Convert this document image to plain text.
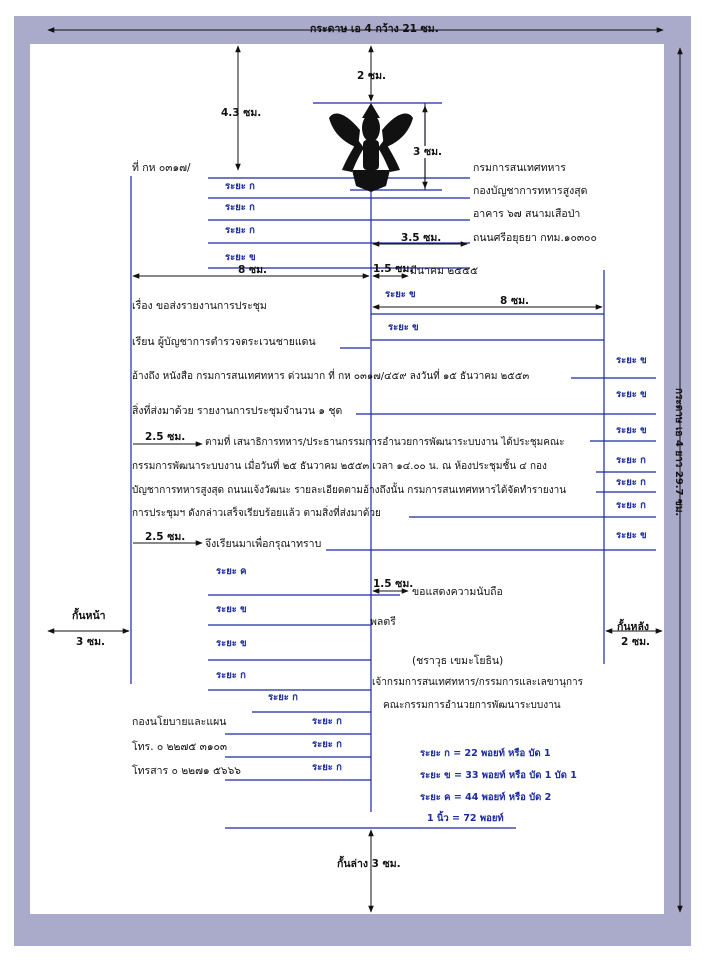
กระดาษ เอ 4 กว้าง 21 ซม.
กระดาษ เอ 4 ยาว 29.7 ซม.
4.3 ซม.
2 ซม.
3 ซม.
3.5 ซม.
8 ซม.	1.5 ซม.
8 ซม.
2.5 ซม.
2.5 ซม.
1.5 ซม.
กั้นหน้า
3 ซม.
กั้นหลัง
2 ซม.
กั้นล่าง 3 ซม.
ระยะ ก
ระยะ ก
ระยะ ก
ระยะ ข
ระยะ ข
ระยะ ข
ระยะ ข
ระยะ ข
ระยะ ข
ระยะ ก
ระยะ ก
ระยะ ก
ระยะ ข
ระยะ ค
ระยะ ข
ระยะ ข
ระยะ ก
ระยะ ก
ระยะ ก
ระยะ ก
ระยะ ก
ที่ กห ๐๓๑๗/	กรมการสนเทศทหาร
กองบัญชาการทหารสูงสุด
อาคาร ๖๗ สนามเสือป่า
ถนนศรีอยุธยา กทม.๑๐๓๐๐
มีนาคม ๒๕๕๕
เรื่อง ขอส่งรายงานการประชุม
เรียน ผู้บัญชาการตำรวจตระเวนชายแดน
อ้างถึง หนังสือ กรมการสนเทศทหาร ด่วนมาก ที่ กห ๐๓๑๗/๔๕๙ ลงวันที่ ๑๕ ธันวาคม ๒๕๕๓
สิ่งที่ส่งมาด้วย รายงานการประชุมจำนวน ๑ ชุด
ตามที่ เสนาธิการทหาร/ประธานกรรมการอำนวยการพัฒนาระบบงาน ได้ประชุมคณะ
กรรมการพัฒนาระบบงาน เมื่อวันที่ ๒๕ ธันวาคม ๒๕๕๓ เวลา ๑๔.๐๐ น. ณ ห้องประชุมชั้น ๔ กอง
บัญชาการทหารสูงสุด ถนนแจ้งวัฒนะ รายละเอียดตามอ้างถึงนั้น กรมการสนเทศทหารได้จัดทำรายงาน
การประชุมฯ ดังกล่าวเสร็จเรียบร้อยแล้ว ตามสิ่งที่ส่งมาด้วย
จึงเรียนมาเพื่อกรุณาทราบ
ขอแสดงความนับถือ
พลตรี
(ชราวุธ เขมะโยธิน)
เจ้ากรมการสนเทศทหาร/กรรมการและเลขานุการ
คณะกรรมการอำนวยการพัฒนาระบบงาน
กองนโยบายและแผน
โทร. ๐ ๒๒๗๕ ๓๑๐๓
โทรสาร ๐ ๒๒๗๑ ๕๖๖๖
ระยะ ก = 22 พอยท์ หรือ บัด 1
ระยะ ข = 33 พอยท์ หรือ บัด 1 บัด 1
ระยะ ค = 44 พอยท์ หรือ บัด 2
1 นิ้ว = 72 พอยท์
